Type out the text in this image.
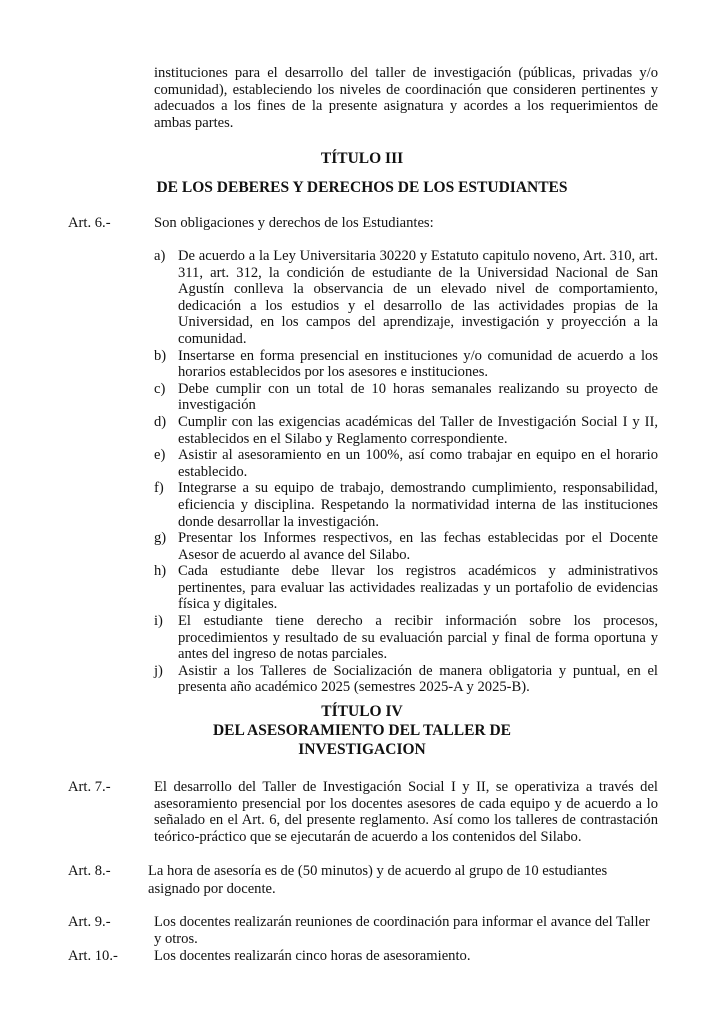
instituciones para el desarrollo del taller de investigación (públicas, privadas y/o comunidad), estableciendo los niveles de coordinación que consideren pertinentes y adecuados a los fines de la presente asignatura y acordes a los requerimientos de ambas partes.
TÍTULO III
DE LOS DEBERES Y DERECHOS DE LOS ESTUDIANTES
Art. 6.-	Son obligaciones y derechos de los Estudiantes:
a) De acuerdo a la Ley Universitaria 30220 y Estatuto capitulo noveno, Art. 310, art. 311, art. 312, la condición de estudiante de la Universidad Nacional de San Agustín conlleva la observancia de un elevado nivel de comportamiento, dedicación a los estudios y el desarrollo de las actividades propias de la Universidad, en los campos del aprendizaje, investigación y proyección a la comunidad.
b) Insertarse en forma presencial en instituciones y/o comunidad de acuerdo a los horarios establecidos por los asesores e instituciones.
c) Debe cumplir con un total de 10 horas semanales realizando su proyecto de investigación
d) Cumplir con las exigencias académicas del Taller de Investigación Social I y II, establecidos en el Silabo y Reglamento correspondiente.
e) Asistir al asesoramiento en un 100%, así como trabajar en equipo en el horario establecido.
f) Integrarse a su equipo de trabajo, demostrando cumplimiento, responsabilidad, eficiencia y disciplina. Respetando la normatividad interna de las instituciones donde desarrollar la investigación.
g) Presentar los Informes respectivos, en las fechas establecidas por el Docente Asesor de acuerdo al avance del Silabo.
h) Cada estudiante debe llevar los registros académicos y administrativos pertinentes, para evaluar las actividades realizadas y un portafolio de evidencias física y digitales.
i)	El estudiante tiene derecho a recibir información sobre los procesos, procedimientos y resultado de su evaluación parcial y final de forma oportuna y antes del ingreso de notas parciales.
j)	Asistir a los Talleres de Socialización de manera obligatoria y puntual, en el presenta año académico 2025 (semestres 2025-A y 2025-B).
TÍTULO IV
DEL ASESORAMIENTO DEL TALLER DE
INVESTIGACION
Art. 7.-	El desarrollo del Taller de Investigación Social I y II, se operativiza a través del asesoramiento presencial por los docentes asesores de cada equipo y de acuerdo a lo señalado en el Art. 6, del presente reglamento. Así como los talleres de contrastación teórico-práctico que se ejecutarán de acuerdo a los contenidos del Silabo.
Art. 8.-	La hora de asesoría es de (50 minutos) y de acuerdo al grupo de 10 estudiantes
asignado por docente.
Art. 9.-	Los docentes realizarán reuniones de coordinación para informar el avance del Taller y otros.
Art. 10.- Los docentes realizarán cinco horas de asesoramiento.
